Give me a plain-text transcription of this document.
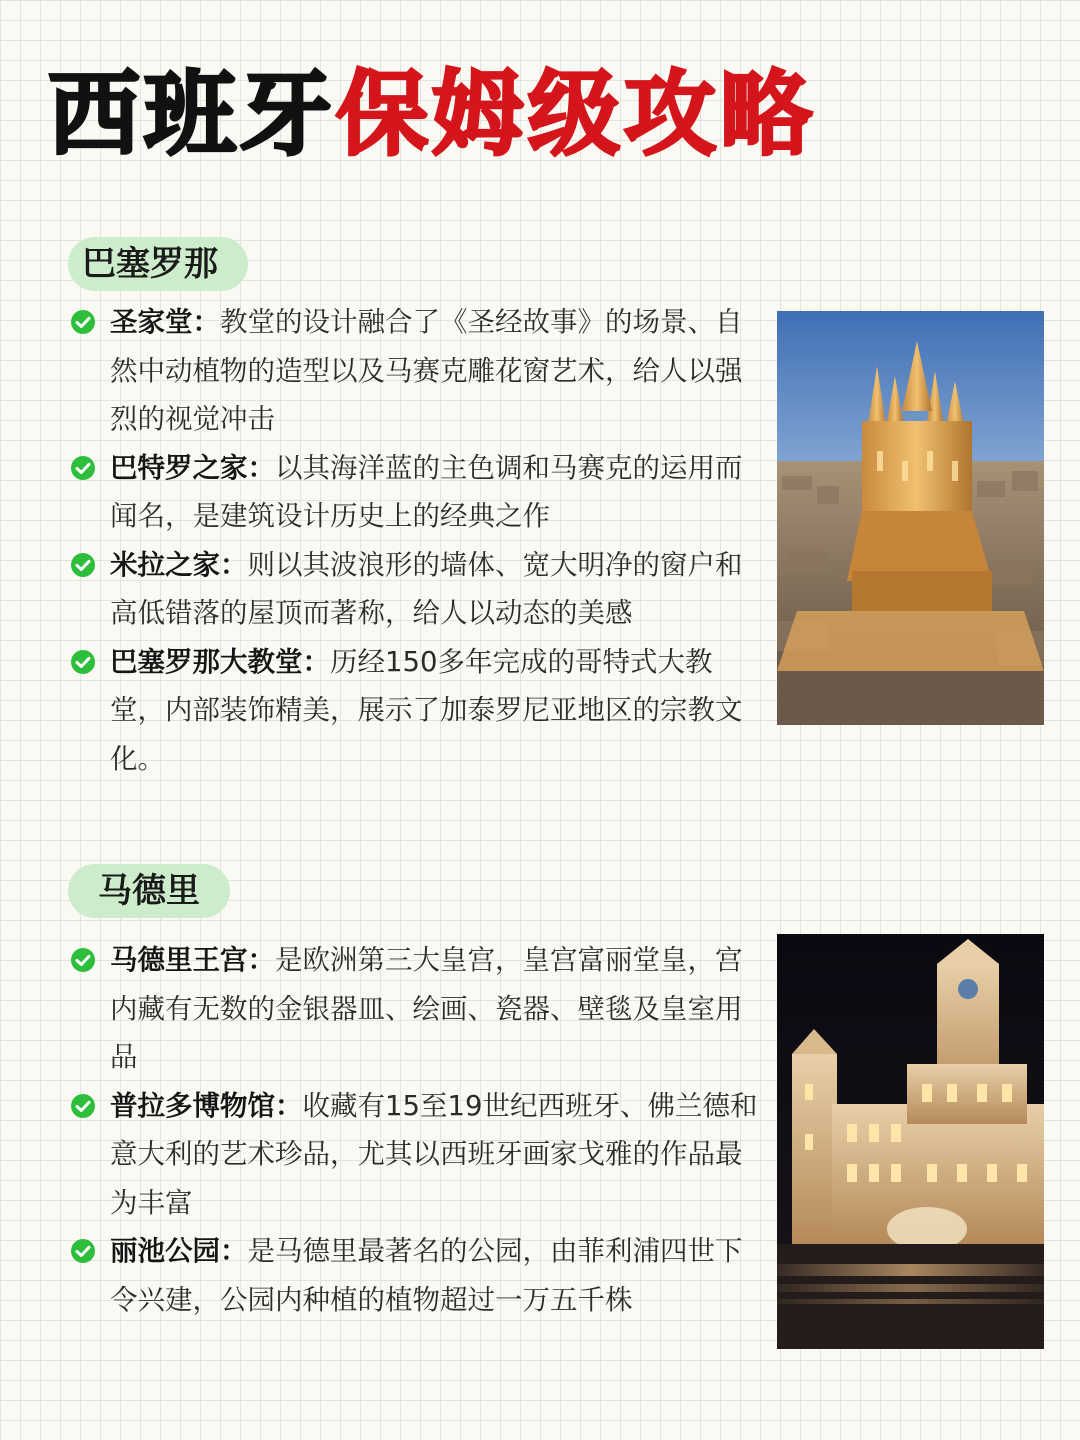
西班牙保姆级攻略
巴塞罗那
圣家堂：教堂的设计融合了《圣经故事》的场景、自然中动植物的造型以及马赛克雕花窗艺术，给人以强烈的视觉冲击
巴特罗之家：以其海洋蓝的主色调和马赛克的运用而闻名，是建筑设计历史上的经典之作
米拉之家：则以其波浪形的墙体、宽大明净的窗户和高低错落的屋顶而著称，给人以动态的美感
巴塞罗那大教堂：历经150多年完成的哥特式大教堂，内部装饰精美，展示了加泰罗尼亚地区的宗教文化。
马德里
马德里王宫：是欧洲第三大皇宫，皇宫富丽堂皇，宫内藏有无数的金银器皿、绘画、瓷器、壁毯及皇室用品
普拉多博物馆：收藏有15至19世纪西班牙、佛兰德和意大利的艺术珍品，尤其以西班牙画家戈雅的作品最为丰富
丽池公园：是马德里最著名的公园，由菲利浦四世下令兴建，公园内种植的植物超过一万五千株
